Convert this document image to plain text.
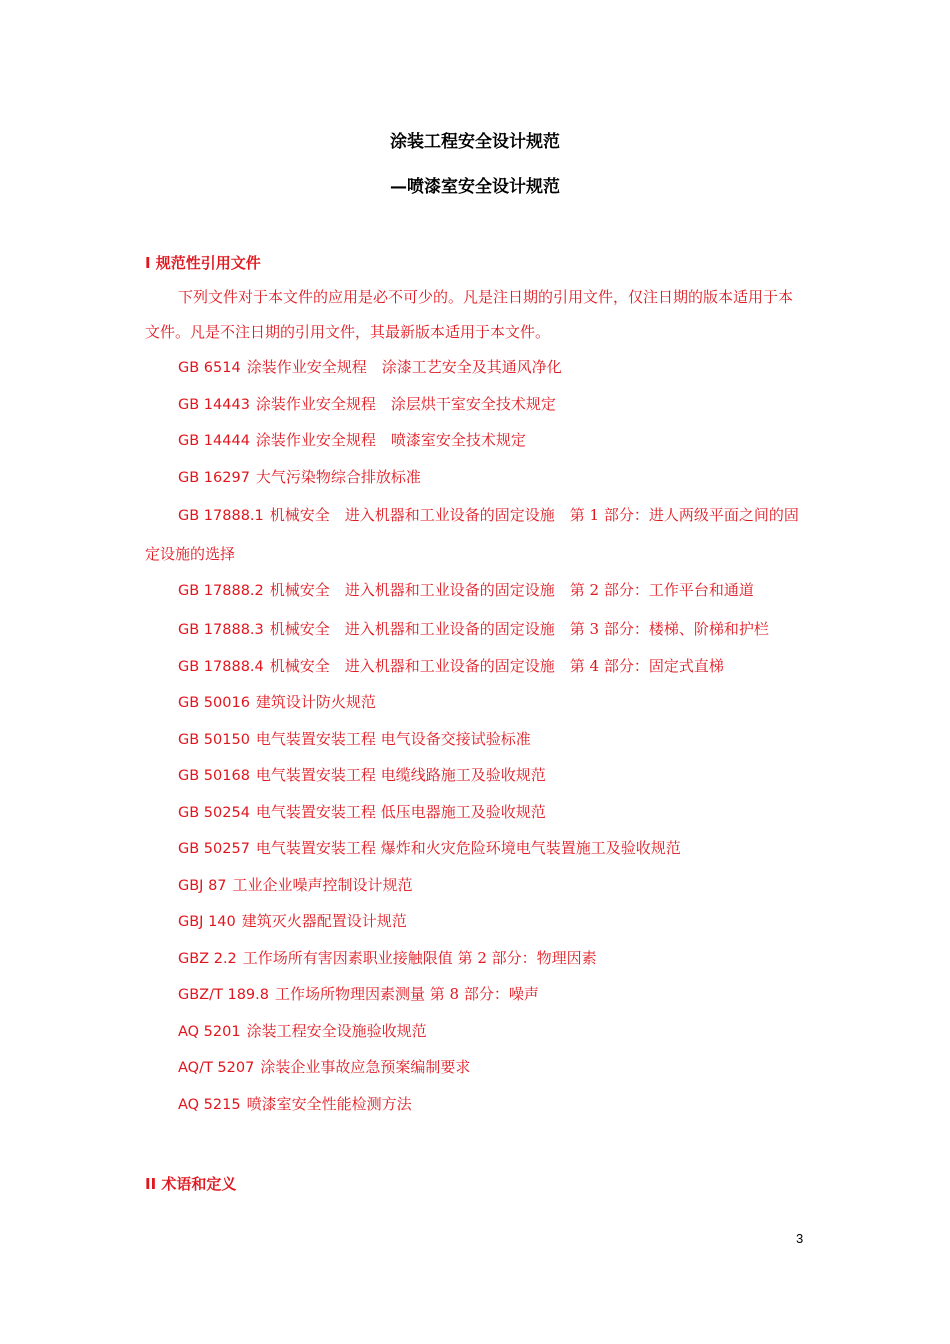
涂装工程安全设计规范
—喷漆室安全设计规范
I 规范性引用文件
下列文件对于本文件的应用是必不可少的。凡是注日期的引用文件，仅注日期的版本适用于本文件。凡是不注日期的引用文件，其最新版本适用于本文件。
GB 6514 涂装作业安全规程　涂漆工艺安全及其通风净化
GB 14443 涂装作业安全规程　涂层烘干室安全技术规定
GB 14444 涂装作业安全规程　喷漆室安全技术规定
GB 16297 大气污染物综合排放标准
GB 17888.1 机械安全　进入机器和工业设备的固定设施　第 1 部分：进人两级平面之间的固定设施的选择
GB 17888.2 机械安全　进入机器和工业设备的固定设施　第 2 部分：工作平台和通道
GB 17888.3 机械安全　进入机器和工业设备的固定设施　第 3 部分：楼梯、阶梯和护栏
GB 17888.4 机械安全　进入机器和工业设备的固定设施　第 4 部分：固定式直梯
GB 50016 建筑设计防火规范
GB 50150 电气装置安装工程 电气设备交接试验标准
GB 50168 电气装置安装工程 电缆线路施工及验收规范
GB 50254 电气装置安装工程 低压电器施工及验收规范
GB 50257 电气装置安装工程 爆炸和火灾危险环境电气装置施工及验收规范
GBJ 87 工业企业噪声控制设计规范
GBJ 140 建筑灭火器配置设计规范
GBZ 2.2 工作场所有害因素职业接触限值 第 2 部分：物理因素
GBZ/T 189.8 工作场所物理因素测量 第 8 部分：噪声
AQ 5201 涂装工程安全设施验收规范
AQ/T 5207 涂装企业事故应急预案编制要求
AQ 5215 喷漆室安全性能检测方法
II 术语和定义
3
